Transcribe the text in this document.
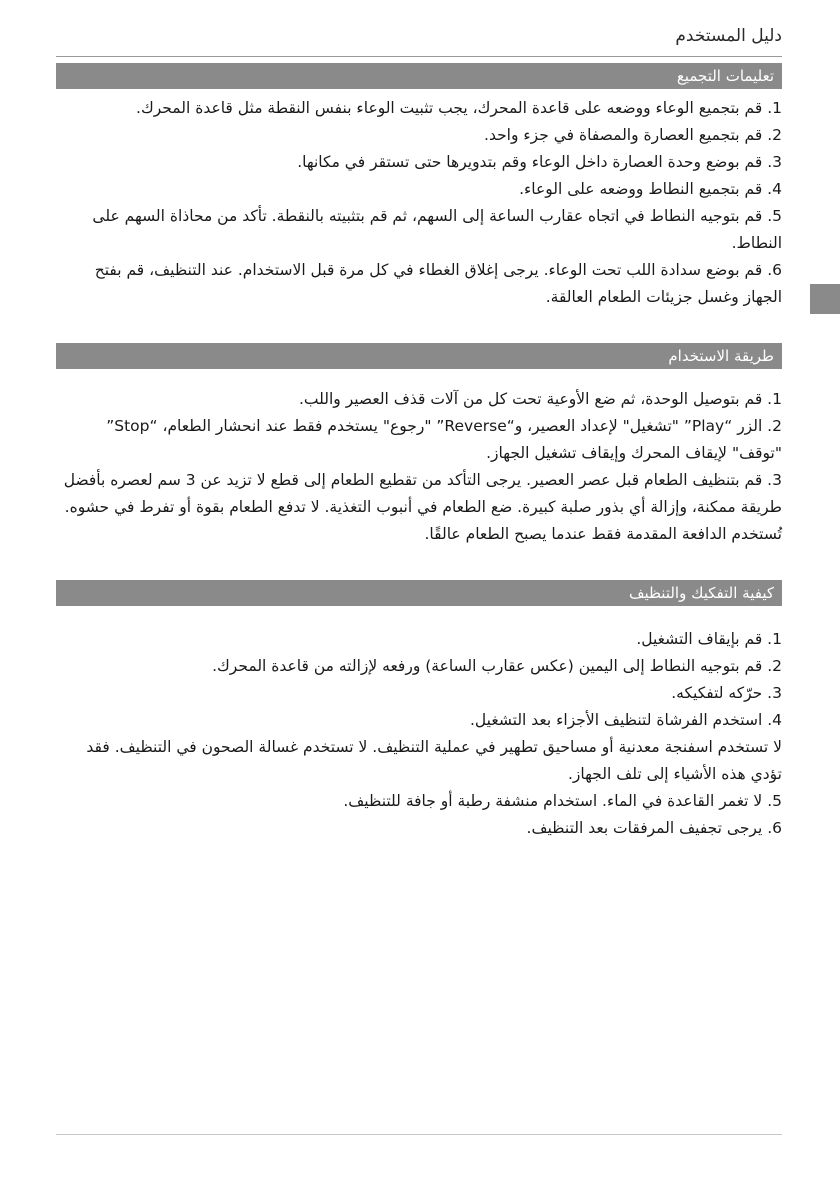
دليل المستخدم
تعليمات التجميع
1. قم بتجميع الوعاء ووضعه على قاعدة المحرك، يجب تثبيت الوعاء بنفس النقطة مثل قاعدة المحرك.
2. قم بتجميع العصارة والمصفاة في جزء واحد.
3. قم بوضع وحدة العصارة داخل الوعاء وقم بتدويرها حتى تستقر في مكانها.
4. قم بتجميع النطاط ووضعه على الوعاء.
5. قم بتوجيه النطاط في اتجاه عقارب الساعة إلى السهم، ثم قم بتثبيته بالنقطة. تأكد من محاذاة السهم على النطاط.
6. قم بوضع سدادة اللب تحت الوعاء. يرجى إغلاق الغطاء في كل مرة قبل الاستخدام. عند التنظيف، قم بفتح الجهاز وغسل جزيئات الطعام العالقة.
طريقة الاستخدام
1. قم بتوصيل الوحدة، ثم ضع الأوعية تحت كل من آلات قذف العصير واللب.
2. الزر “Play” "تشغيل" لإعداد العصير، و“Reverse” "رجوع" يستخدم فقط عند انحشار الطعام، “Stop” "توقف" لإيقاف المحرك وإيقاف تشغيل الجهاز.
3. قم بتنظيف الطعام قبل عصر العصير. يرجى التأكد من تقطيع الطعام إلى قطع لا تزيد عن 3 سم لعصره بأفضل طريقة ممكنة، وإزالة أي بذور صلبة كبيرة. ضع الطعام في أنبوب التغذية. لا تدفع الطعام بقوة أو تفرط في حشوه. تُستخدم الدافعة المقدمة فقط عندما يصبح الطعام عالقًا.
كيفية التفكيك والتنظيف
1. قم بإيقاف التشغيل.
2. قم بتوجيه النطاط إلى اليمين (عكس عقارب الساعة) ورفعه لإزالته من قاعدة المحرك.
3. حرّكه لتفكيكه.
4. استخدم الفرشاة لتنظيف الأجزاء بعد التشغيل.
لا تستخدم اسفنجة معدنية أو مساحيق تطهير في عملية التنظيف. لا تستخدم غسالة الصحون في التنظيف. فقد تؤدي هذه الأشياء إلى تلف الجهاز.
5. لا تغمر القاعدة في الماء. استخدام منشفة رطبة أو جافة للتنظيف.
6. يرجى تجفيف المرفقات بعد التنظيف.
